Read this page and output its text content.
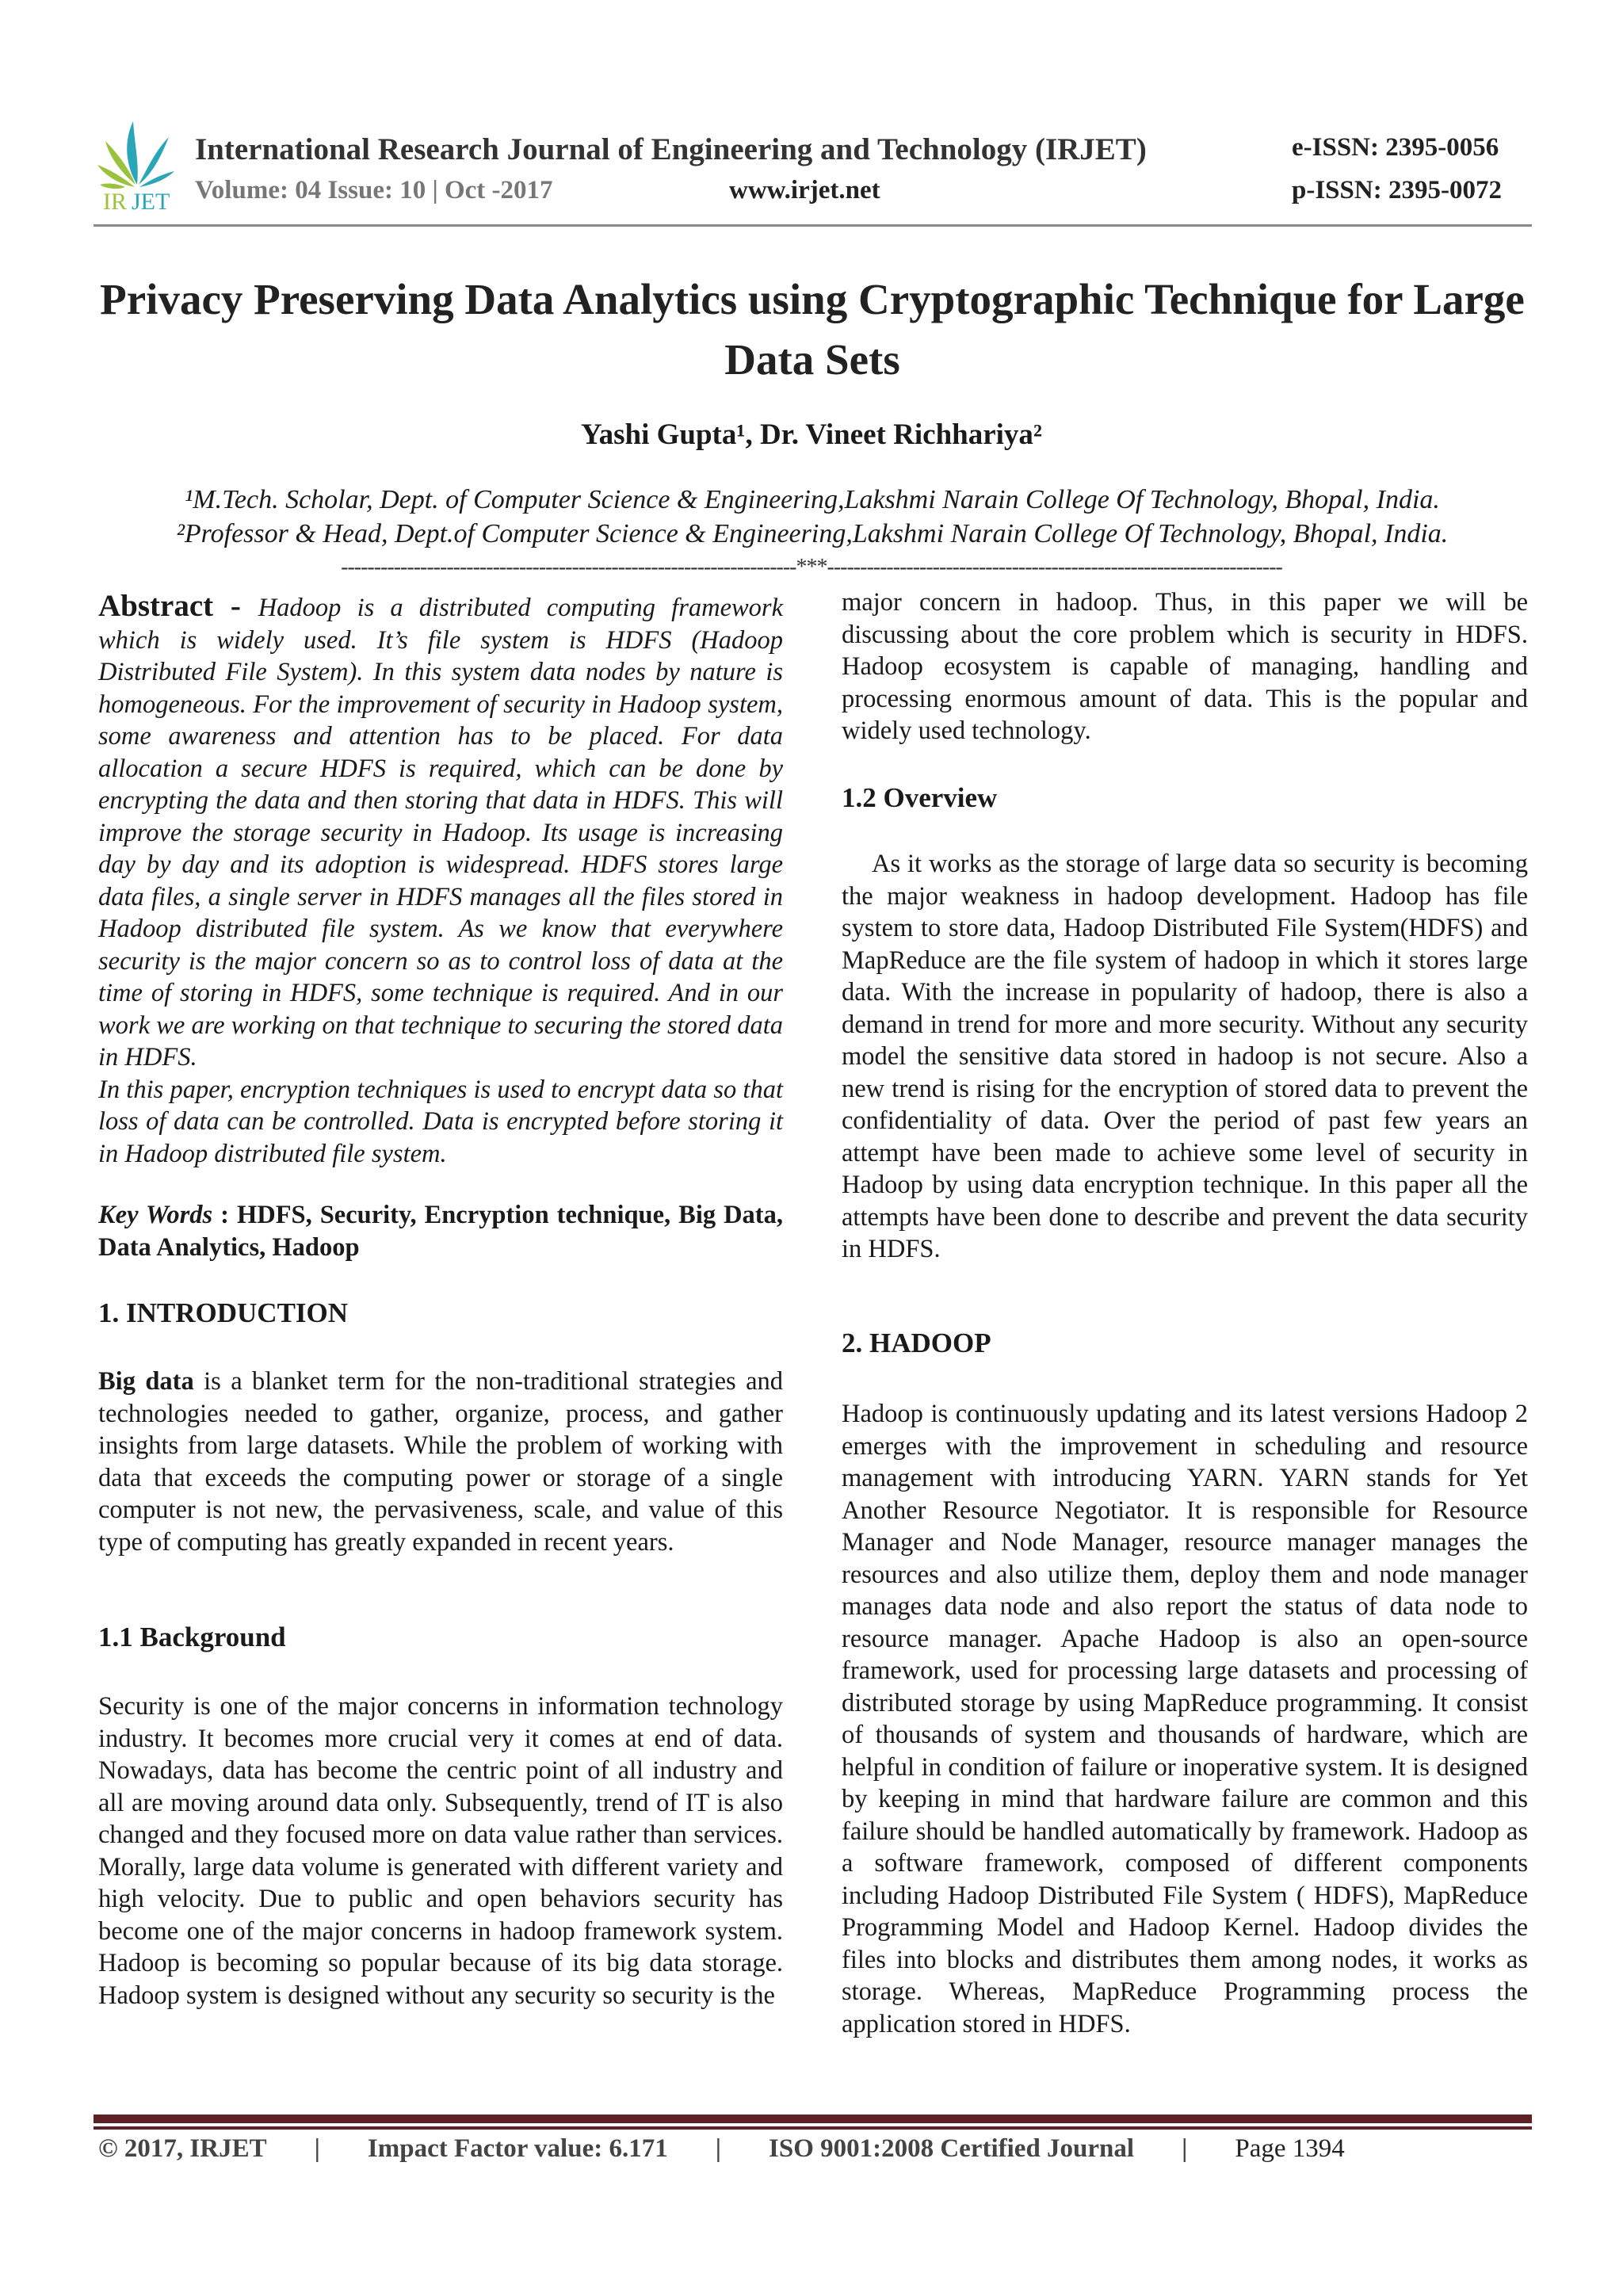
IR JET
International Research Journal of Engineering and Technology (IRJET)
Volume: 04 Issue: 10 | Oct -2017	www.irjet.net
e-ISSN: 2395-0056
p-ISSN: 2395-0072
Privacy Preserving Data Analytics using Cryptographic Technique for Large Data Sets
Yashi Gupta¹, Dr. Vineet Richhariya²
¹M.Tech. Scholar, Dept. of Computer Science & Engineering,Lakshmi Narain College Of Technology, Bhopal, India.
²Professor & Head, Dept.of Computer Science & Engineering,Lakshmi Narain College Of Technology, Bhopal, India.
---------------------------------------------------------------------***---------------------------------------------------------------------
Abstract - Hadoop is a distributed computing framework which is widely used. It’s file system is HDFS (Hadoop Distributed File System). In this system data nodes by nature is homogeneous. For the improvement of security in Hadoop system, some awareness and attention has to be placed. For data allocation a secure HDFS is required, which can be done by encrypting the data and then storing that data in HDFS. This will improve the storage security in Hadoop. Its usage is increasing day by day and its adoption is widespread. HDFS stores large data files, a single server in HDFS manages all the files stored in Hadoop distributed file system. As we know that everywhere security is the major concern so as to control loss of data at the time of storing in HDFS, some technique is required. And in our work we are working on that technique to securing the stored data in HDFS.
In this paper, encryption techniques is used to encrypt data so that loss of data can be controlled. Data is encrypted before storing it in Hadoop distributed file system.
Key Words : HDFS, Security, Encryption technique, Big Data, Data Analytics, Hadoop
1. INTRODUCTION
Big data is a blanket term for the non-traditional strategies and technologies needed to gather, organize, process, and gather insights from large datasets. While the problem of working with data that exceeds the computing power or storage of a single computer is not new, the pervasiveness, scale, and value of this type of computing has greatly expanded in recent years.
1.1 Background
Security is one of the major concerns in information technology industry. It becomes more crucial very it comes at end of data. Nowadays, data has become the centric point of all industry and all are moving around data only. Subsequently, trend of IT is also changed and they focused more on data value rather than services. Morally, large data volume is generated with different variety and high velocity. Due to public and open behaviors security has become one of the major concerns in hadoop framework system. Hadoop is becoming so popular because of its big data storage. Hadoop system is designed without any security so security is the
major concern in hadoop. Thus, in this paper we will be discussing about the core problem which is security in HDFS. Hadoop ecosystem is capable of managing, handling and processing enormous amount of data. This is the popular and widely used technology.
1.2 Overview
As it works as the storage of large data so security is becoming the major weakness in hadoop development. Hadoop has file system to store data, Hadoop Distributed File System(HDFS) and MapReduce are the file system of hadoop in which it stores large data. With the increase in popularity of hadoop, there is also a demand in trend for more and more security. Without any security model the sensitive data stored in hadoop is not secure. Also a new trend is rising for the encryption of stored data to prevent the confidentiality of data. Over the period of past few years an attempt have been made to achieve some level of security in Hadoop by using data encryption technique. In this paper all the attempts have been done to describe and prevent the data security in HDFS.
2. HADOOP
Hadoop is continuously updating and its latest versions Hadoop 2 emerges with the improvement in scheduling and resource management with introducing YARN. YARN stands for Yet Another Resource Negotiator. It is responsible for Resource Manager and Node Manager, resource manager manages the resources and also utilize them, deploy them and node manager manages data node and also report the status of data node to resource manager. Apache Hadoop is also an open-source framework, used for processing large datasets and processing of distributed storage by using MapReduce programming. It consist of thousands of system and thousands of hardware, which are helpful in condition of failure or inoperative system. It is designed by keeping in mind that hardware failure are common and this failure should be handled automatically by framework. Hadoop as a software framework, composed of different components including Hadoop Distributed File System ( HDFS), MapReduce Programming Model and Hadoop Kernel. Hadoop divides the files into blocks and distributes them among nodes, it works as storage. Whereas, MapReduce Programming process the application stored in HDFS.
© 2017, IRJET | Impact Factor value: 6.171 | ISO 9001:2008 Certified Journal | Page 1394
